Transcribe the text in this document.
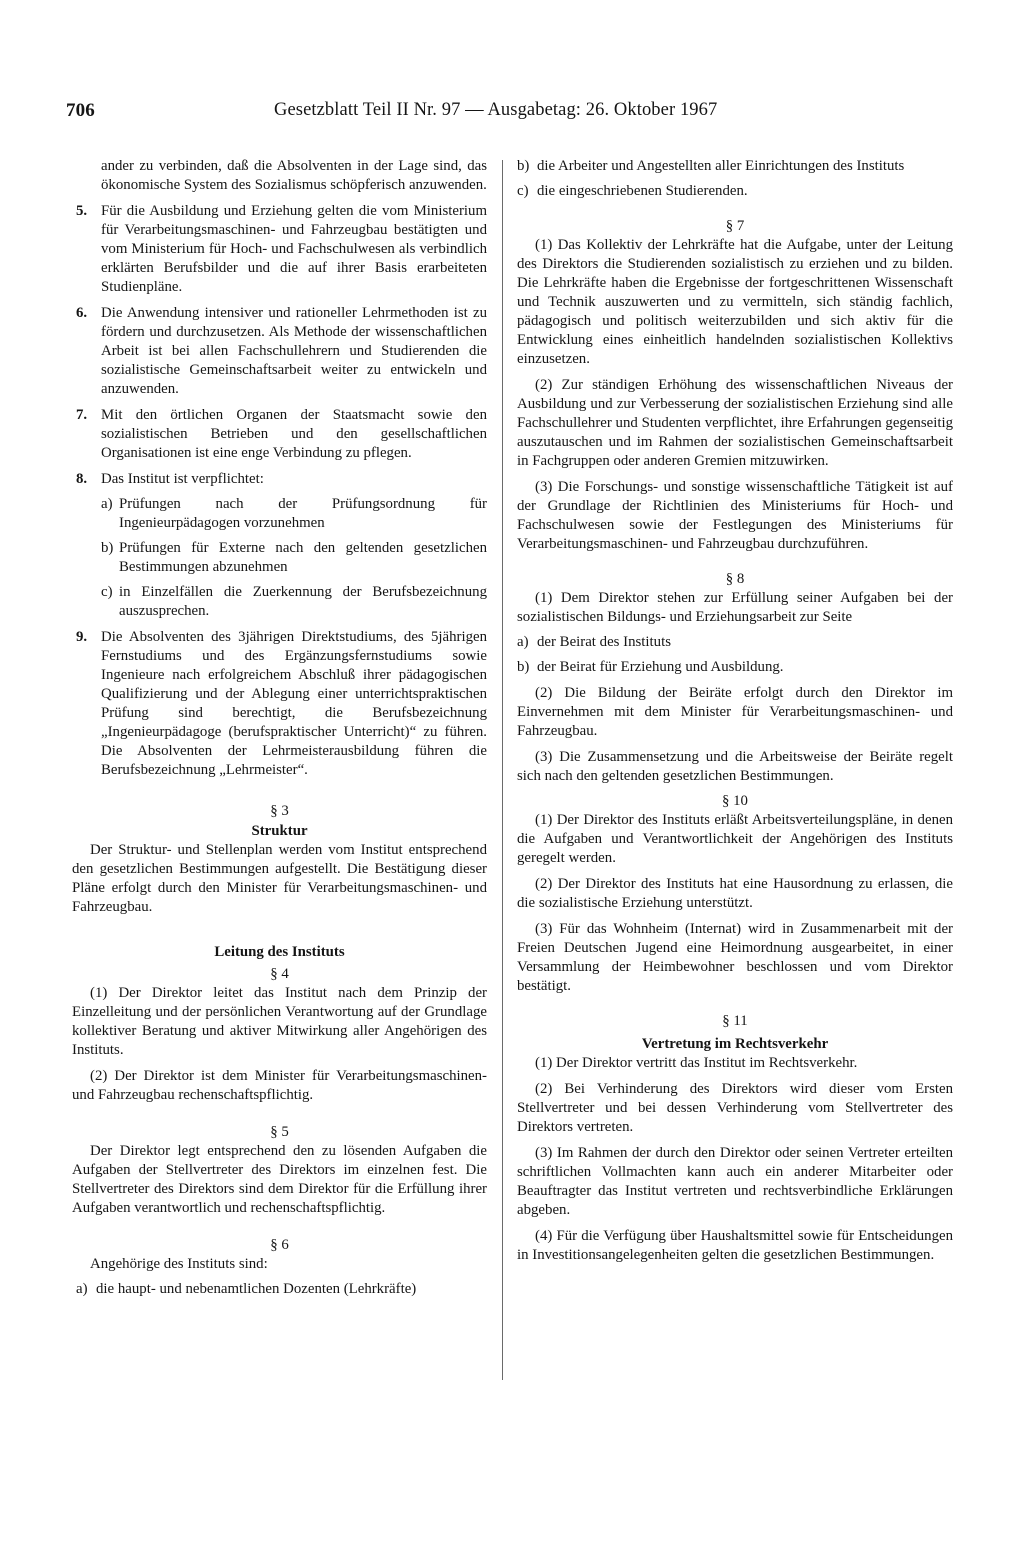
706	Gesetzblatt Teil II Nr. 97 — Ausgabetag: 26. Oktober 1967

ander zu verbinden, daß die Absolventen in der Lage sind, das ökonomische System des Sozialismus schöpferisch anzuwenden.

5. Für die Ausbildung und Erziehung gelten die vom Ministerium für Verarbeitungsmaschinen- und Fahrzeugbau bestätigten und vom Ministerium für Hoch- und Fachschulwesen als verbindlich erklärten Berufsbilder und die auf ihrer Basis erarbeiteten Studienpläne.
6. Die Anwendung intensiver und rationeller Lehrmethoden ist zu fördern und durchzusetzen. Als Methode der wissenschaftlichen Arbeit ist bei allen Fachschullehrern und Studierenden die sozialistische Gemeinschaftsarbeit weiter zu entwickeln und anzuwenden.
7. Mit den örtlichen Organen der Staatsmacht sowie den sozialistischen Betrieben und den gesellschaftlichen Organisationen ist eine enge Verbindung zu pflegen.
8. Das Institut ist verpflichtet:
a) Prüfungen nach der Prüfungsordnung für Ingenieurpädagogen vorzunehmen
b) Prüfungen für Externe nach den geltenden gesetzlichen Bestimmungen abzunehmen
c) in Einzelfällen die Zuerkennung der Berufsbezeichnung auszusprechen.
9. Die Absolventen des 3jährigen Direktstudiums, des 5jährigen Fernstudiums und des Ergänzungsfernstudiums sowie Ingenieure nach erfolgreichem Abschluß ihrer pädagogischen Qualifizierung und der Ablegung einer unterrichtspraktischen Prüfung sind berechtigt, die Berufsbezeichnung „Ingenieurpädagoge (berufspraktischer Unterricht)“ zu führen. Die Absolventen der Lehrmeisterausbildung führen die Berufsbezeichnung „Lehrmeister“.
§ 3
Struktur

Der Struktur- und Stellenplan werden vom Institut entsprechend den gesetzlichen Bestimmungen aufgestellt. Die Bestätigung dieser Pläne erfolgt durch den Minister für Verarbeitungsmaschinen- und Fahrzeugbau.

Leitung des Instituts
§ 4

(1) Der Direktor leitet das Institut nach dem Prinzip der Einzelleitung und der persönlichen Verantwortung auf der Grundlage kollektiver Beratung und aktiver Mitwirkung aller Angehörigen des Instituts.

(2) Der Direktor ist dem Minister für Verarbeitungsmaschinen- und Fahrzeugbau rechenschaftspflichtig.

§ 5

Der Direktor legt entsprechend den zu lösenden Aufgaben die Aufgaben der Stellvertreter des Direktors im einzelnen fest. Die Stellvertreter des Direktors sind dem Direktor für die Erfüllung ihrer Aufgaben verantwortlich und rechenschaftspflichtig.

§ 6

Angehörige des Instituts sind:

a) die haupt- und nebenamtlichen Dozenten (Lehrkräfte)
b) die Arbeiter und Angestellten aller Einrichtungen des Instituts
c) die eingeschriebenen Studierenden.
§ 7

(1) Das Kollektiv der Lehrkräfte hat die Aufgabe, unter der Leitung des Direktors die Studierenden sozialistisch zu erziehen und zu bilden. Die Lehrkräfte haben die Ergebnisse der fortgeschrittenen Wissenschaft und Technik auszuwerten und zu vermitteln, sich ständig fachlich, pädagogisch und politisch weiterzubilden und sich aktiv für die Entwicklung eines einheitlich handelnden sozialistischen Kollektivs einzusetzen.

(2) Zur ständigen Erhöhung des wissenschaftlichen Niveaus der Ausbildung und zur Verbesserung der sozialistischen Erziehung sind alle Fachschullehrer und Studenten verpflichtet, ihre Erfahrungen gegenseitig auszutauschen und im Rahmen der sozialistischen Gemeinschaftsarbeit in Fachgruppen oder anderen Gremien mitzuwirken.

(3) Die Forschungs- und sonstige wissenschaftliche Tätigkeit ist auf der Grundlage der Richtlinien des Ministeriums für Hoch- und Fachschulwesen sowie der Festlegungen des Ministeriums für Verarbeitungsmaschinen- und Fahrzeugbau durchzuführen.

§ 8

(1) Dem Direktor stehen zur Erfüllung seiner Aufgaben bei der sozialistischen Bildungs- und Erziehungsarbeit zur Seite

a) der Beirat des Instituts
b) der Beirat für Erziehung und Ausbildung.

(2) Die Bildung der Beiräte erfolgt durch den Direktor im Einvernehmen mit dem Minister für Verarbeitungsmaschinen- und Fahrzeugbau.

(3) Die Zusammensetzung und die Arbeitsweise der Beiräte regelt sich nach den geltenden gesetzlichen Bestimmungen.

§ 10

(1) Der Direktor des Instituts erläßt Arbeitsverteilungspläne, in denen die Aufgaben und Verantwortlichkeit der Angehörigen des Instituts geregelt werden.

(2) Der Direktor des Instituts hat eine Hausordnung zu erlassen, die die sozialistische Erziehung unterstützt.

(3) Für das Wohnheim (Internat) wird in Zusammenarbeit mit der Freien Deutschen Jugend eine Heimordnung ausgearbeitet, in einer Versammlung der Heimbewohner beschlossen und vom Direktor bestätigt.

§ 11
Vertretung im Rechtsverkehr

(1) Der Direktor vertritt das Institut im Rechtsverkehr.

(2) Bei Verhinderung des Direktors wird dieser vom Ersten Stellvertreter und bei dessen Verhinderung vom Stellvertreter des Direktors vertreten.

(3) Im Rahmen der durch den Direktor oder seinen Vertreter erteilten schriftlichen Vollmachten kann auch ein anderer Mitarbeiter oder Beauftragter das Institut vertreten und rechtsverbindliche Erklärungen abgeben.

(4) Für die Verfügung über Haushaltsmittel sowie für Entscheidungen in Investitionsangelegenheiten gelten die gesetzlichen Bestimmungen.
